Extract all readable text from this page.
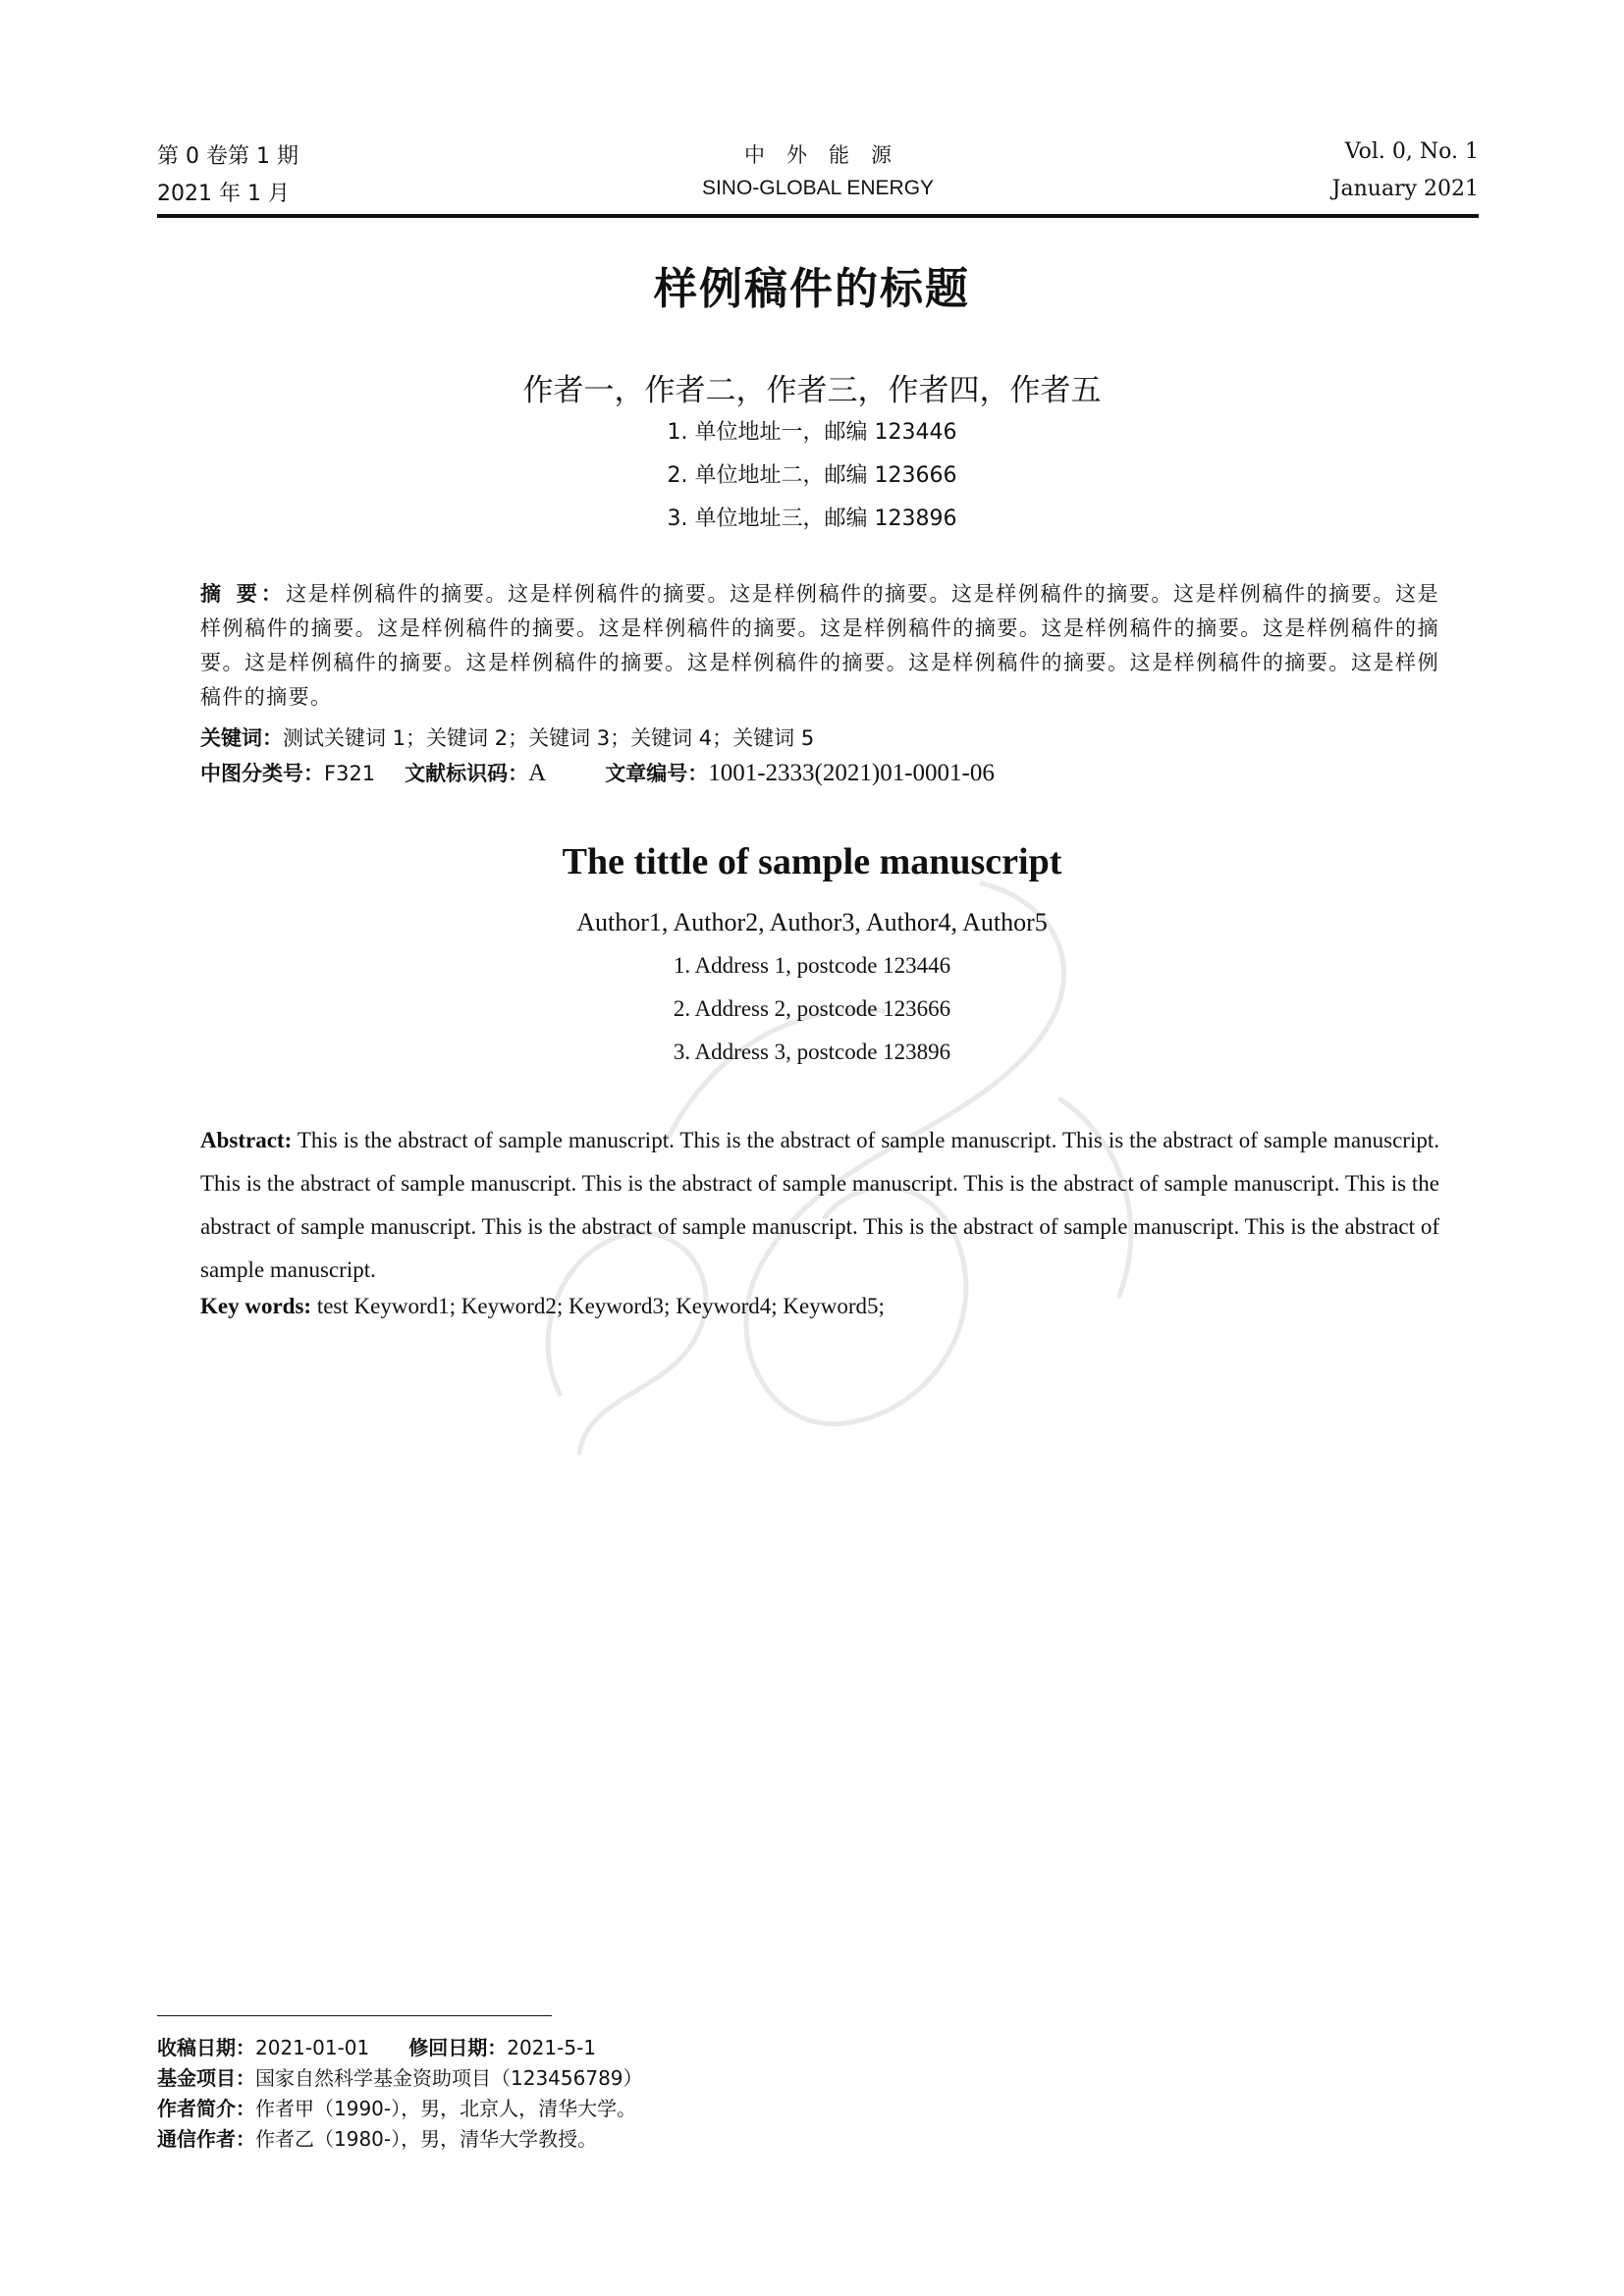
第 0 卷第 1 期	中外能源	Vol. 0, No. 1
2021 年 1 月	SINO-GLOBAL ENERGY	January 2021
样例稿件的标题
作者一，作者二，作者三，作者四，作者五
1. 单位地址一，邮编 123446
2. 单位地址二，邮编 123666
3. 单位地址三，邮编 123896
摘 要：这是样例稿件的摘要。这是样例稿件的摘要。这是样例稿件的摘要。这是样例稿件的摘要。这是样例稿件的摘要。这是样例稿件的摘要。这是样例稿件的摘要。这是样例稿件的摘要。这是样例稿件的摘要。这是样例稿件的摘要。这是样例稿件的摘要。这是样例稿件的摘要。这是样例稿件的摘要。这是样例稿件的摘要。这是样例稿件的摘要。这是样例稿件的摘要。这是样例稿件的摘要。
关键词：测试关键词 1；关键词 2；关键词 3；关键词 4；关键词 5
中图分类号：F321 文献标识码：A	文章编号：1001-2333(2021)01-0001-06
The tittle of sample manuscript
Author1, Author2, Author3, Author4, Author5
1. Address 1, postcode 123446
2. Address 2, postcode 123666
3. Address 3, postcode 123896
Abstract: This is the abstract of sample manuscript. This is the abstract of sample manuscript. This is the abstract of sample manuscript. This is the abstract of sample manuscript. This is the abstract of sample manuscript. This is the abstract of sample manuscript. This is the abstract of sample manuscript. This is the abstract of sample manuscript. This is the abstract of sample manuscript. This is the abstract of sample manuscript.
Key words: test Keyword1; Keyword2; Keyword3; Keyword4; Keyword5;
收稿日期：2021-01-01 修回日期：2021-5-1
基金项目：国家自然科学基金资助项目（123456789）
作者简介：作者甲（1990-），男，北京人，清华大学。
通信作者：作者乙（1980-），男，清华大学教授。
